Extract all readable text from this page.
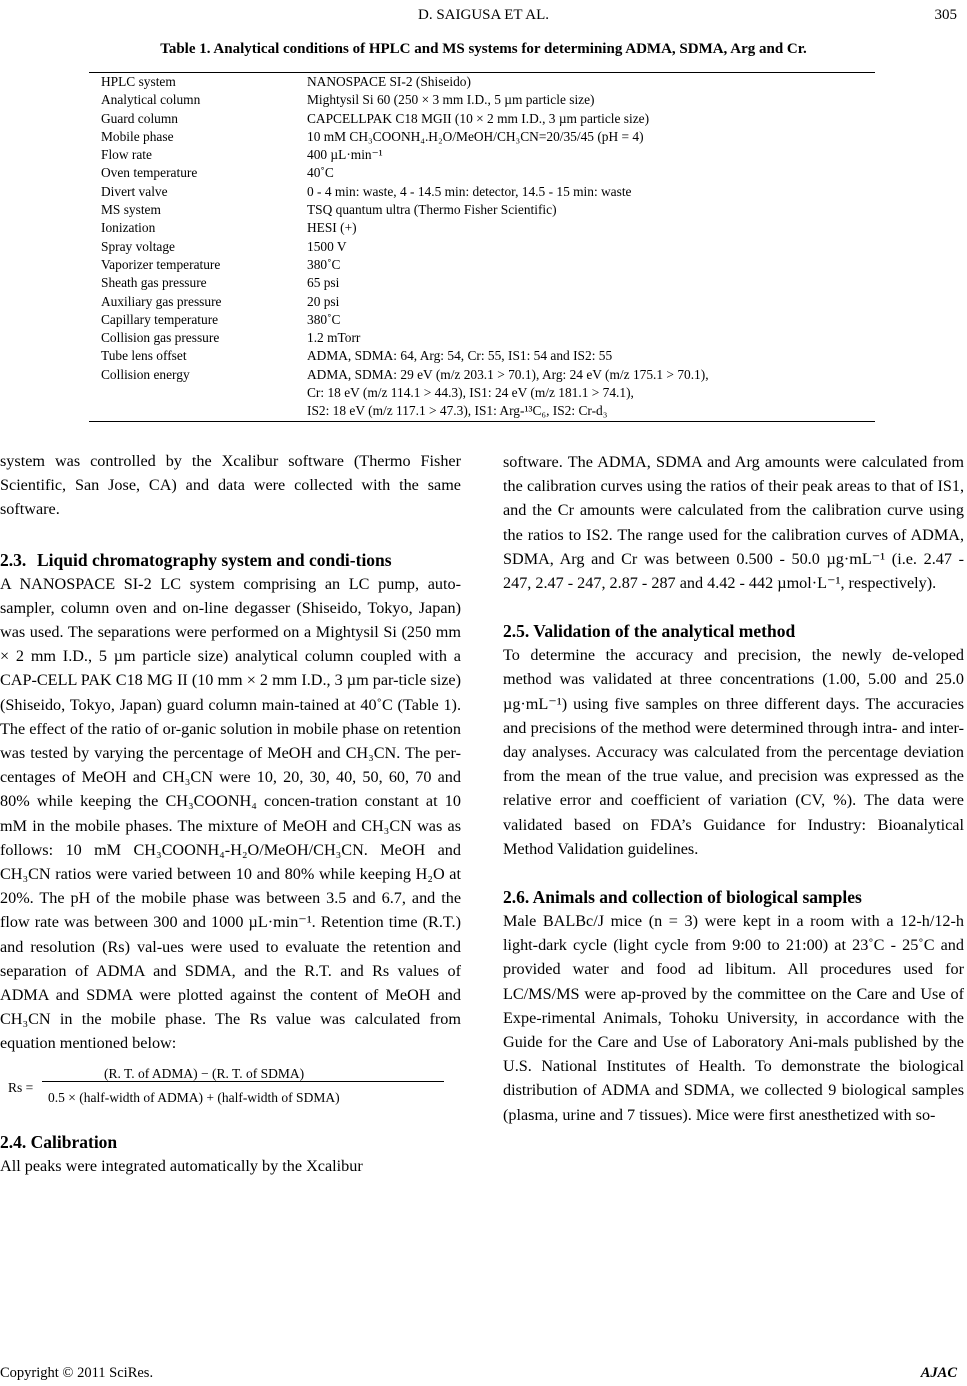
D. SAIGUSA ET AL.	305
Table 1. Analytical conditions of HPLC and MS systems for determining ADMA, SDMA, Arg and Cr.
HPLC system	NANOSPACE SI-2 (Shiseido)
Analytical column	Mightysil Si 60 (250 × 3 mm I.D., 5 µm particle size)
Guard column	CAPCELLPAK C18 MGII (10 × 2 mm I.D., 3 µm particle size)
Mobile phase	10 mM CH₃COONH₄.H₂O/MeOH/CH₃CN=20/35/45 (pH = 4)
Flow rate	400 µL·min⁻¹
Oven temperature	40˚C
Divert valve	0 - 4 min: waste, 4 - 14.5 min: detector, 14.5 - 15 min: waste
MS system	TSQ quantum ultra (Thermo Fisher Scientific)
Ionization	HESI (+)
Spray voltage	1500 V
Vaporizer temperature	380˚C
Sheath gas pressure	65 psi
Auxiliary gas pressure	20 psi
Capillary temperature	380˚C
Collision gas pressure	1.2 mTorr
Tube lens offset	ADMA, SDMA: 64, Arg: 54, Cr: 55, IS1: 54 and IS2: 55
Collision energy	ADMA, SDMA: 29 eV (m/z 203.1 > 70.1), Arg: 24 eV (m/z 175.1 > 70.1),
	Cr: 18 eV (m/z 114.1 > 44.3), IS1: 24 eV (m/z 181.1 > 74.1),
	IS2: 18 eV (m/z 117.1 > 47.3), IS1: Arg-¹³C₆, IS2: Cr-d₃

system was controlled by the Xcalibur software (Thermo Fisher Scientific, San Jose, CA) and data were collected with the same software.

2.3. Liquid chromatography system and condi-tions

A NANOSPACE SI-2 LC system comprising an LC pump, auto-sampler, column oven and on-line degasser (Shiseido, Tokyo, Japan) was used. The separations were performed on a Mightysil Si (250 mm × 2 mm I.D., 5 µm particle size) analytical column coupled with a CAP-CELL PAK C18 MG II (10 mm × 2 mm I.D., 3 µm par-ticle size) (Shiseido, Tokyo, Japan) guard column main-tained at 40˚C (Table 1). The effect of the ratio of or-ganic solution in mobile phase on retention was tested by varying the percentage of MeOH and CH₃CN. The per-centages of MeOH and CH₃CN were 10, 20, 30, 40, 50, 60, 70 and 80% while keeping the CH₃COONH₄ concen-tration constant at 10 mM in the mobile phases. The mixture of MeOH and CH₃CN was as follows: 10 mM CH₃COONH₄-H₂O/MeOH/CH₃CN. MeOH and CH₃CN ratios were varied between 10 and 80% while keeping H₂O at 20%. The pH of the mobile phase was between 3.5 and 6.7, and the flow rate was between 300 and 1000 µL·min⁻¹. Retention time (R.T.) and resolution (Rs) val-ues were used to evaluate the retention and separation of ADMA and SDMA, and the R.T. and Rs values of ADMA and SDMA were plotted against the content of MeOH and CH₃CN in the mobile phase. The Rs value was calculated from equation mentioned below:

Rs =
(R. T. of ADMA) − (R. T. of SDMA)
0.5 × (half-width of ADMA) + (half-width of SDMA)
2.4. Calibration

All peaks were integrated automatically by the Xcalibur

software. The ADMA, SDMA and Arg amounts were calculated from the calibration curves using the ratios of their peak areas to that of IS1, and the Cr amounts were calculated from the calibration curve using the ratios to IS2. The range used for the calibration curves of ADMA, SDMA, Arg and Cr was between 0.500 - 50.0 µg·mL⁻¹ (i.e. 2.47 - 247, 2.47 - 247, 2.87 - 287 and 4.42 - 442 µmol·L⁻¹, respectively).

2.5. Validation of the analytical method

To determine the accuracy and precision, the newly de-veloped method was validated at three concentrations (1.00, 5.00 and 25.0 µg·mL⁻¹) using five samples on three different days. The accuracies and precisions of the method were determined through intra- and inter-day analyses. Accuracy was calculated from the percentage deviation from the mean of the true value, and precision was expressed as the relative error and coefficient of variation (CV, %). The data were validated based on FDA’s Guidance for Industry: Bioanalytical Method Validation guidelines.

2.6. Animals and collection of biological samples

Male BALBc/J mice (n = 3) were kept in a room with a 12-h/12-h light-dark cycle (light cycle from 9:00 to 21:00) at 23˚C - 25˚C and provided water and food ad libitum. All procedures used for LC/MS/MS were ap-proved by the committee on the Care and Use of Expe-rimental Animals, Tohoku University, in accordance with the Guide for the Care and Use of Laboratory Ani-mals published by the U.S. National Institutes of Health. To demonstrate the biological distribution of ADMA and SDMA, we collected 9 biological samples (plasma, urine and 7 tissues). Mice were first anesthetized with so-

Copyright © 2011 SciRes.	AJAC
